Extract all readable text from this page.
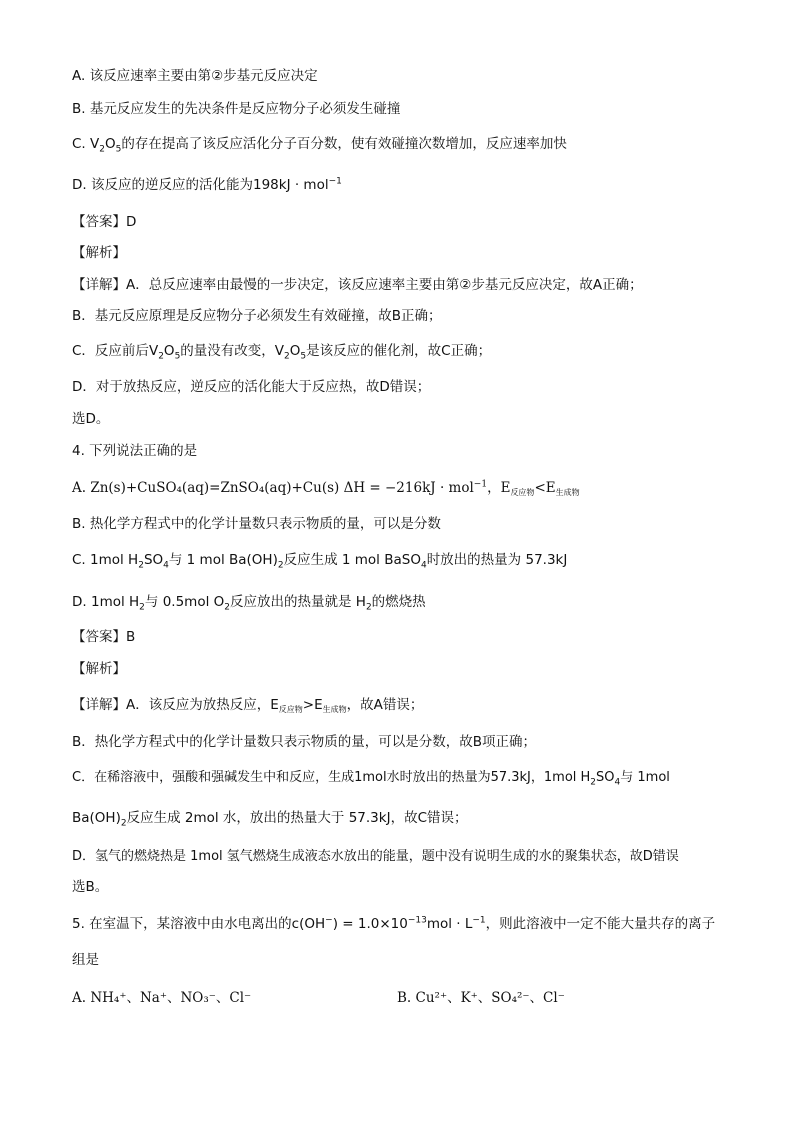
A. 该反应速率主要由第②步基元反应决定
B. 基元反应发生的先决条件是反应物分子必须发生碰撞
C. $V_2O_5$的存在提高了该反应活化分子百分数，使有效碰撞次数增加，反应速率加快
D. 该反应的逆反应的活化能为198kJ · mol$^{-1}$
【答案】D
【解析】
【详解】A．总反应速率由最慢的一步决定，该反应速率主要由第②步基元反应决定，故A正确；
B．基元反应原理是反应物分子必须发生有效碰撞，故B正确；
C．反应前后$V_2O_5$的量没有改变，$V_2O_5$是该反应的催化剂，故C正确；
D．对于放热反应，逆反应的活化能大于反应热，故D错误；
选D。
4. 下列说法正确的是
A. Zn(s)+CuSO₄(aq)=ZnSO₄(aq)+Cu(s) ΔH = −216kJ · mol$^{-1}$，$E_{反应物}<E_{生成物}$
B. 热化学方程式中的化学计量数只表示物质的量，可以是分数
C. 1mol $H_2SO_4$与 1 mol $Ba(OH)_2$反应生成 1 mol BaSO$_4$时放出的热量为 57.3kJ
D. 1mol $H_2$与 0.5mol $O_2$反应放出的热量就是 $H_2$的燃烧热
【答案】B
【解析】
【详解】A．该反应为放热反应，$E_{反应物}>E_{生成物}$，故A错误；
B．热化学方程式中的化学计量数只表示物质的量，可以是分数，故B项正确；
C．在稀溶液中，强酸和强碱发生中和反应，生成1mol水时放出的热量为57.3kJ，1mol $H_2SO_4$与 1mol
$Ba(OH)_2$反应生成 2mol 水，放出的热量大于 57.3kJ，故C错误；
D．氢气的燃烧热是 1mol 氢气燃烧生成液态水放出的能量，题中没有说明生成的水的聚集状态，故D错误
选B。
5. 在室温下，某溶液中由水电离出的$c(OH^-) = 1.0\times 10^{-13}mol \cdot L^{-1}$，则此溶液中一定不能大量共存的离子
组是
A. NH₄⁺、Na⁺、NO₃⁻、Cl⁻	B. Cu²⁺、K⁺、SO₄²⁻、Cl⁻
